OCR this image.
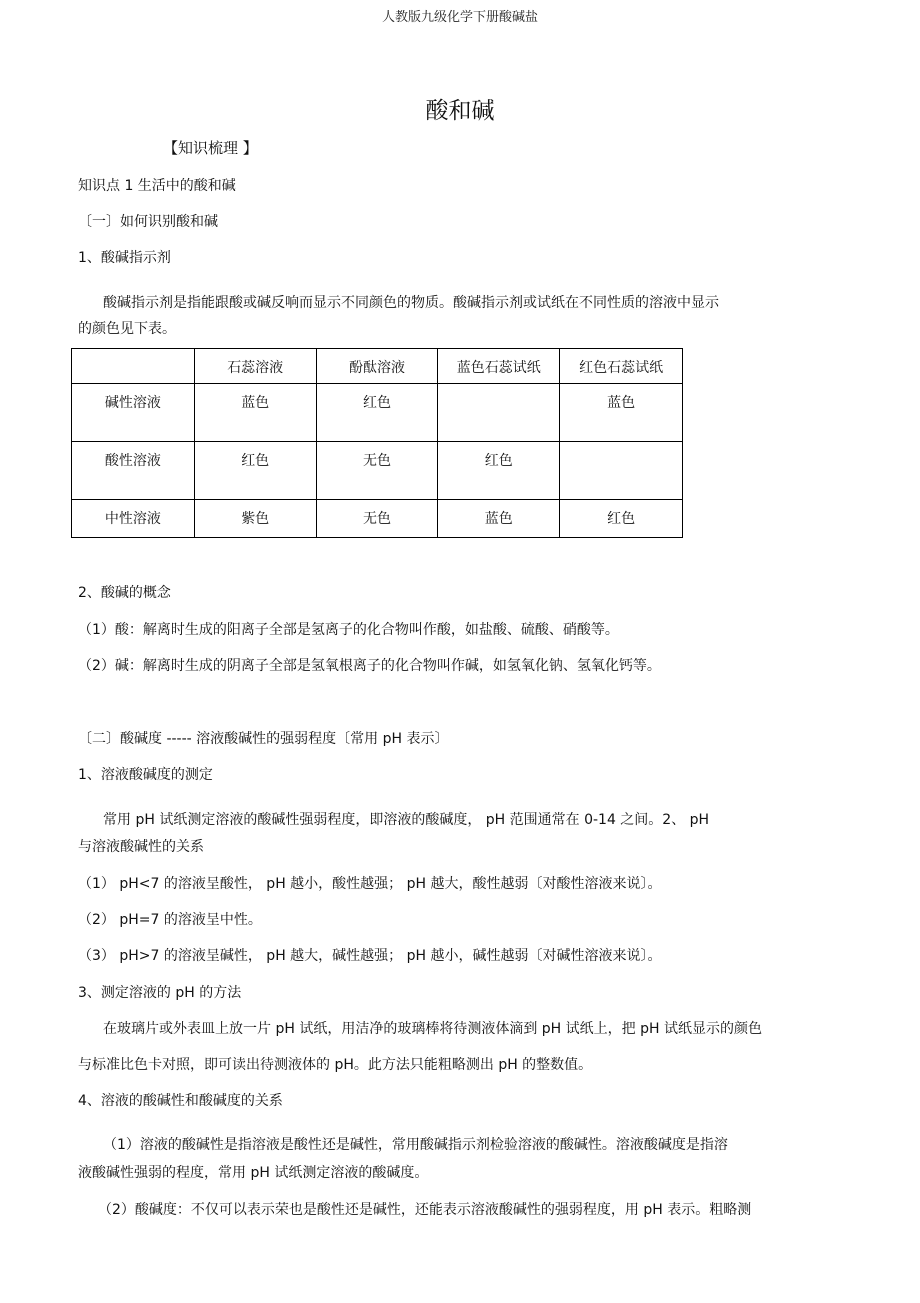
人教版九级化学下册酸碱盐
酸和碱
【知识梳理 】
知识点 1 生活中的酸和碱
〔一〕如何识别酸和碱
1、酸碱指示剂
酸碱指示剂是指能跟酸或碱反响而显示不同颜色的物质。酸碱指示剂或试纸在不同性质的溶液中显示
的颜色见下表。
	石蕊溶液	酚酞溶液	蓝色石蕊试纸	红色石蕊试纸
碱性溶液	蓝色	红色		蓝色
酸性溶液	红色	无色	红色	
中性溶液	紫色	无色	蓝色	红色
2、酸碱的概念
（1）酸：解离时生成的阳离子全部是氢离子的化合物叫作酸，如盐酸、硫酸、硝酸等。
（2）碱：解离时生成的阴离子全部是氢氧根离子的化合物叫作碱，如氢氧化钠、氢氧化钙等。
〔二〕酸碱度 ----- 溶液酸碱性的强弱程度〔常用 pH 表示〕
1、溶液酸碱度的测定
常用 pH 试纸测定溶液的酸碱性强弱程度，即溶液的酸碱度， pH 范围通常在 0-14 之间。2、 pH
与溶液酸碱性的关系
（1） pH<7 的溶液呈酸性， pH 越小，酸性越强； pH 越大，酸性越弱〔对酸性溶液来说〕。
（2） pH=7 的溶液呈中性。
（3） pH>7 的溶液呈碱性， pH 越大，碱性越强； pH 越小，碱性越弱〔对碱性溶液来说〕。
3、测定溶液的 pH 的方法
在玻璃片或外表皿上放一片 pH 试纸，用洁净的玻璃棒将待测液体滴到 pH 试纸上，把 pH 试纸显示的颜色
与标准比色卡对照，即可读出待测液体的 pH。此方法只能粗略测出 pH 的整数值。
4、溶液的酸碱性和酸碱度的关系
（1）溶液的酸碱性是指溶液是酸性还是碱性，常用酸碱指示剂检验溶液的酸碱性。溶液酸碱度是指溶
液酸碱性强弱的程度，常用 pH 试纸测定溶液的酸碱度。
（2）酸碱度：不仅可以表示荣也是酸性还是碱性，还能表示溶液酸碱性的强弱程度，用 pH 表示。粗略测
